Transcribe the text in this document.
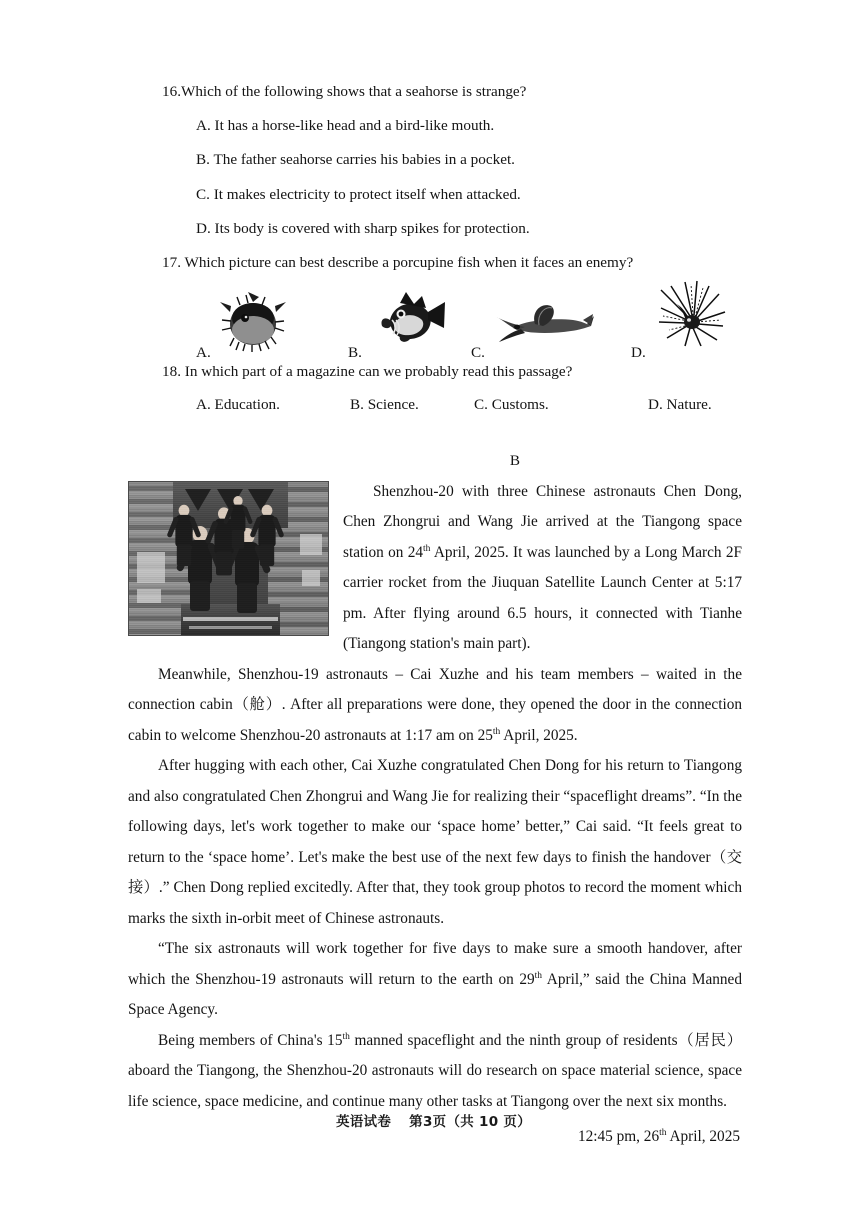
16.Which of the following shows that a seahorse is strange?
A. It has a horse-like head and a bird-like mouth.
B. The father seahorse carries his babies in a pocket.
C. It makes electricity to protect itself when attacked.
D. Its body is covered with sharp spikes for protection.
17. Which picture can best describe a porcupine fish when it faces an enemy?
A.	B.	C.	D.
18. In which part of a magazine can we probably read this passage?
A. Education.	B. Science.	C. Customs.	D. Nature.
B

Shenzhou-20 with three Chinese astronauts Chen Dong, Chen Zhongrui and Wang Jie arrived at the Tiangong space station on 24th April, 2025. It was launched by a Long March 2F carrier rocket from the Jiuquan Satellite Launch Center at 5:17 pm. After flying around 6.5 hours, it connected with Tianhe (Tiangong station's main part).

Meanwhile, Shenzhou-19 astronauts – Cai Xuzhe and his team members – waited in the connection cabin（舱）. After all preparations were done, they opened the door in the connection cabin to welcome Shenzhou-20 astronauts at 1:17 am on 25th April, 2025.

After hugging with each other, Cai Xuzhe congratulated Chen Dong for his return to Tiangong and also congratulated Chen Zhongrui and Wang Jie for realizing their “spaceflight dreams”. “In the following days, let's work together to make our ‘space home’ better,” Cai said. “It feels great to return to the ‘space home’. Let's make the best use of the next few days to finish the handover（交接）.” Chen Dong replied excitedly. After that, they took group photos to record the moment which marks the sixth in-orbit meet of Chinese astronauts.

“The six astronauts will work together for five days to make sure a smooth handover, after which the Shenzhou-19 astronauts will return to the earth on 29th April,” said the China Manned Space Agency.

Being members of China's 15th manned spaceflight and the ninth group of residents（居民）aboard the Tiangong, the Shenzhou-20 astronauts will do research on space material science, space life science, space medicine, and continue many other tasks at Tiangong over the next six months.

12:45 pm, 26th April, 2025
英语试卷 第3页（共 10 页）
